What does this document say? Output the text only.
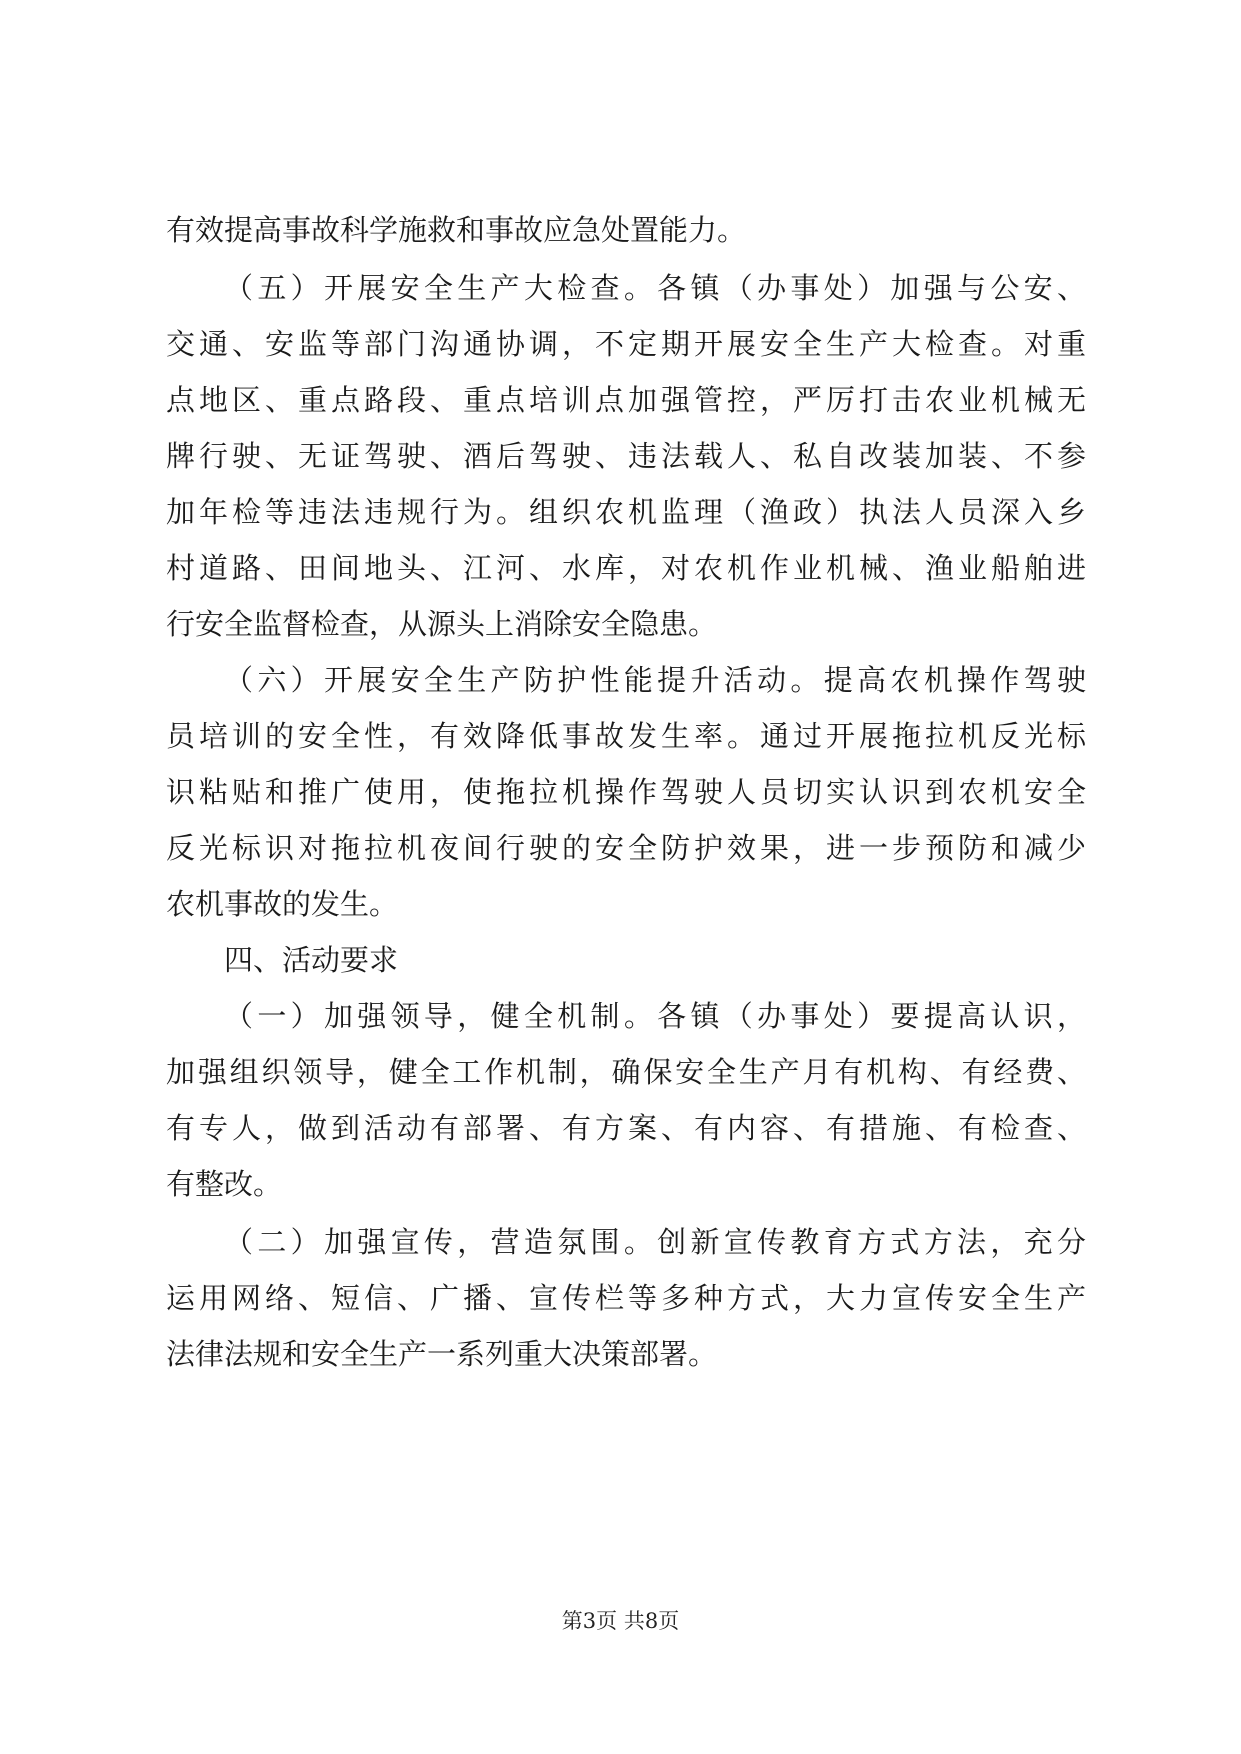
有效提高事故科学施救和事故应急处置能力。
（五）开展安全生产大检查。各镇（办事处）加强与公安、
交通、安监等部门沟通协调，不定期开展安全生产大检查。对重
点地区、重点路段、重点培训点加强管控，严厉打击农业机械无
牌行驶、无证驾驶、酒后驾驶、违法载人、私自改装加装、不参
加年检等违法违规行为。组织农机监理（渔政）执法人员深入乡
村道路、田间地头、江河、水库，对农机作业机械、渔业船舶进
行安全监督检查，从源头上消除安全隐患。
（六）开展安全生产防护性能提升活动。提高农机操作驾驶
员培训的安全性，有效降低事故发生率。通过开展拖拉机反光标
识粘贴和推广使用，使拖拉机操作驾驶人员切实认识到农机安全
反光标识对拖拉机夜间行驶的安全防护效果，进一步预防和减少
农机事故的发生。
四、活动要求
（一）加强领导，健全机制。各镇（办事处）要提高认识，
加强组织领导，健全工作机制，确保安全生产月有机构、有经费、
有专人，做到活动有部署、有方案、有内容、有措施、有检查、
有整改。
（二）加强宣传，营造氛围。创新宣传教育方式方法，充分
运用网络、短信、广播、宣传栏等多种方式，大力宣传安全生产
法律法规和安全生产一系列重大决策部署。
第3页 共8页
